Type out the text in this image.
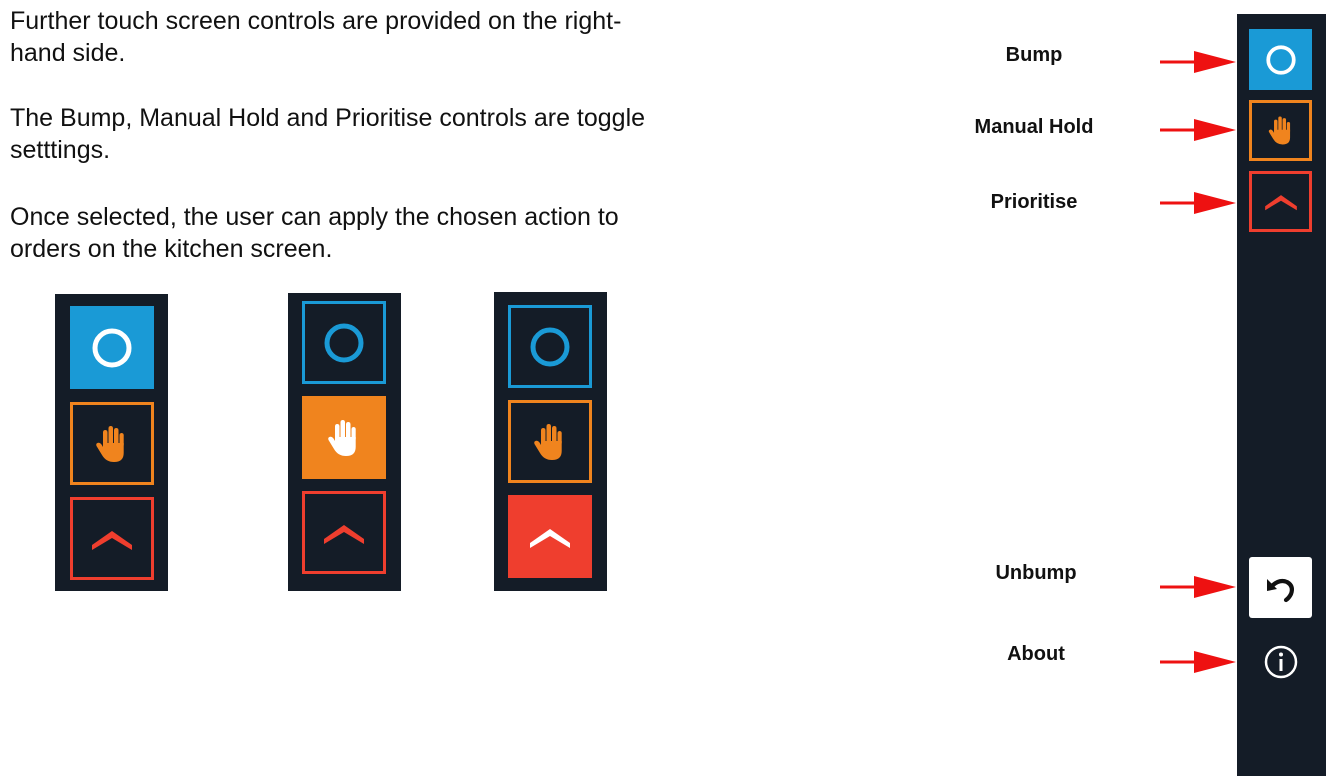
Further touch screen controls are provided on the right-hand side.

The Bump, Manual Hold and Prioritise controls are toggle setttings.

Once selected, the user can apply the chosen action to orders on the kitchen screen.

Bump
Manual Hold
Prioritise
Unbump
About
